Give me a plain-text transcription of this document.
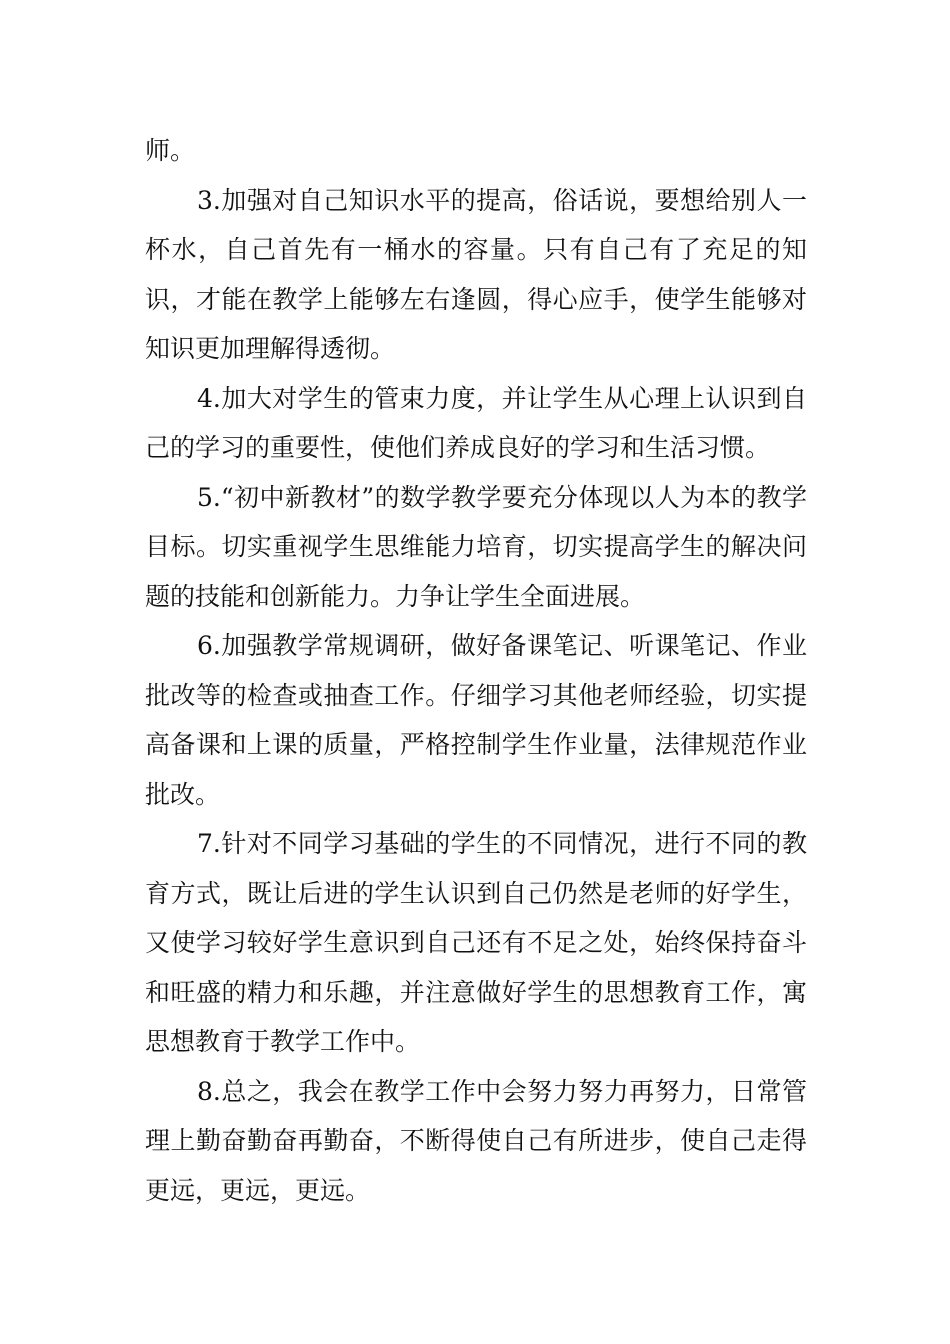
师。

3.加强对自己知识水平的提高，俗话说，要想给别人一杯水，自己首先有一桶水的容量。只有自己有了充足的知识，才能在教学上能够左右逢圆，得心应手，使学生能够对知识更加理解得透彻。

4.加大对学生的管束力度，并让学生从心理上认识到自己的学习的重要性，使他们养成良好的学习和生活习惯。

5.“初中新教材”的数学教学要充分体现以人为本的教学目标。切实重视学生思维能力培育，切实提高学生的解决问题的技能和创新能力。力争让学生全面进展。

6.加强教学常规调研，做好备课笔记、听课笔记、作业批改等的检查或抽查工作。仔细学习其他老师经验，切实提高备课和上课的质量，严格控制学生作业量，法律规范作业批改。

7.针对不同学习基础的学生的不同情况，进行不同的教育方式，既让后进的学生认识到自己仍然是老师的好学生，又使学习较好学生意识到自己还有不足之处，始终保持奋斗和旺盛的精力和乐趣，并注意做好学生的思想教育工作，寓思想教育于教学工作中。

8.总之，我会在教学工作中会努力努力再努力，日常管理上勤奋勤奋再勤奋，不断得使自己有所进步，使自己走得更远，更远，更远。
